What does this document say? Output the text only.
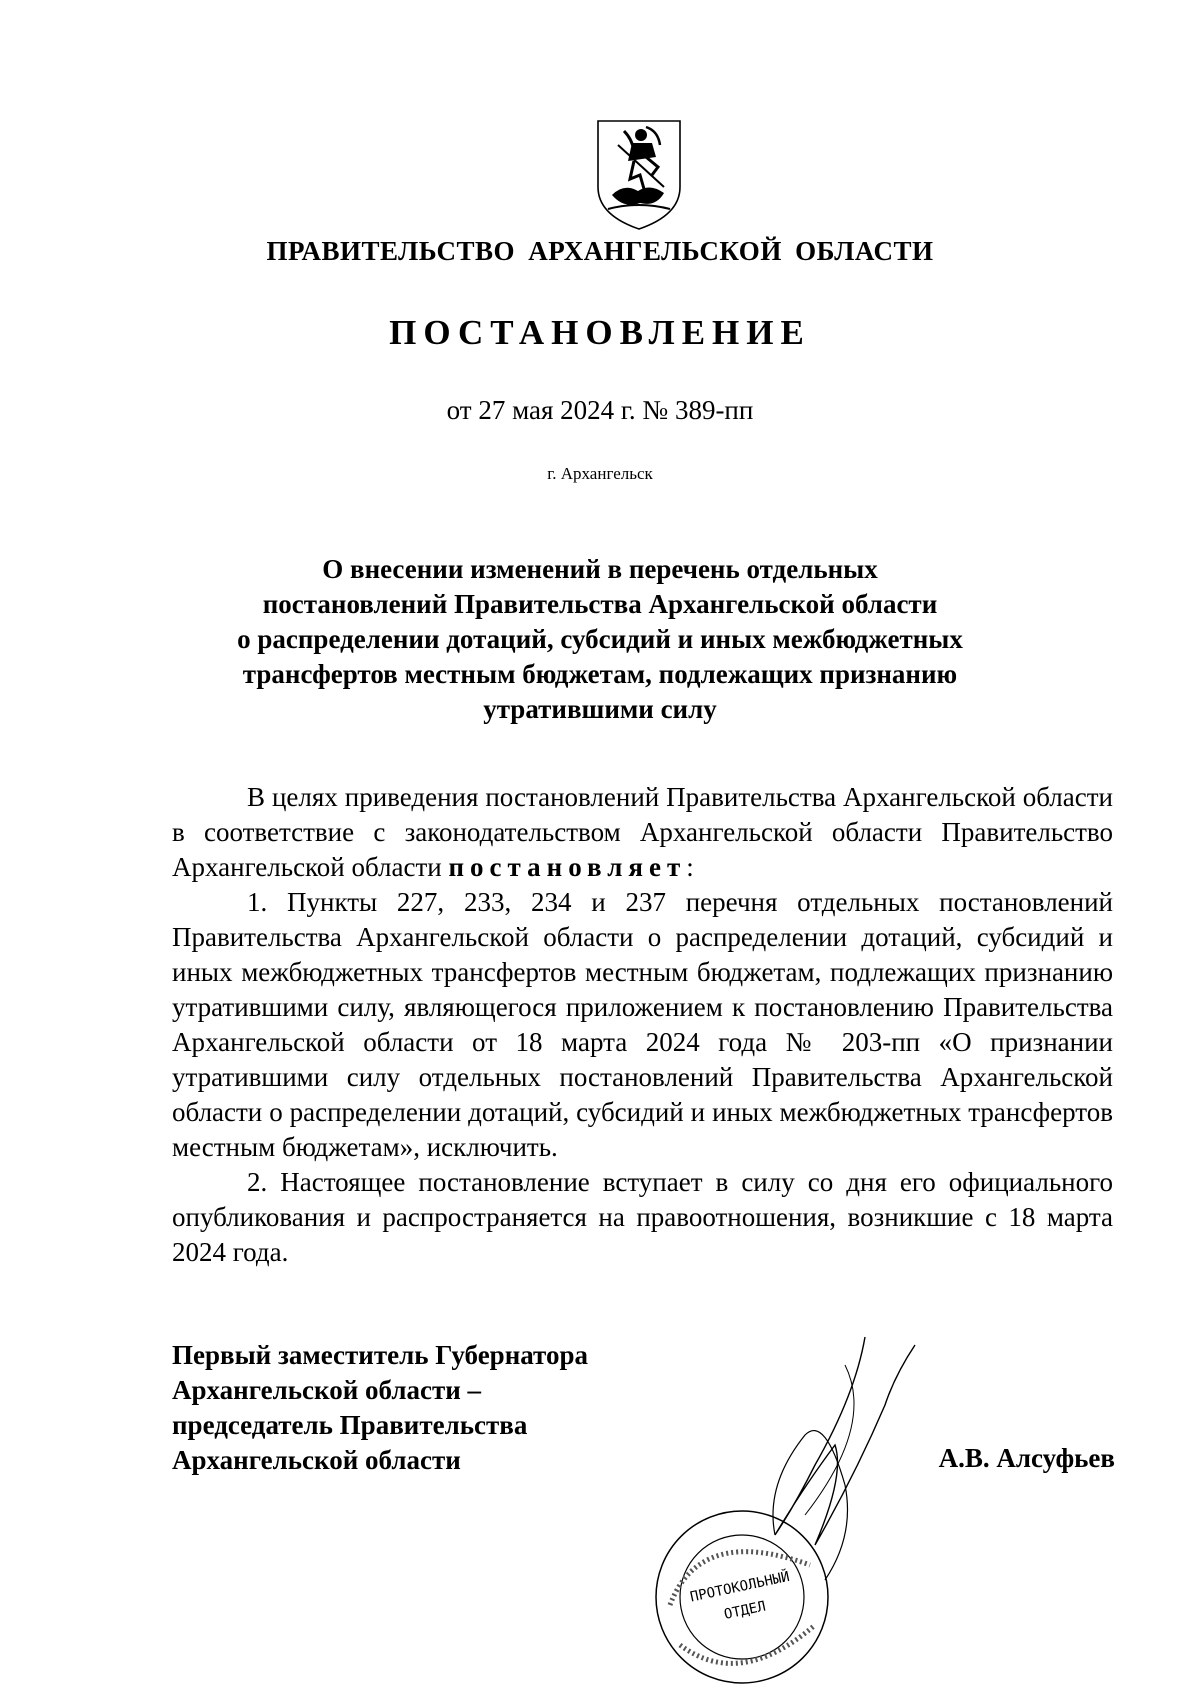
ПРАВИТЕЛЬСТВО АРХАНГЕЛЬСКОЙ ОБЛАСТИ
ПОСТАНОВЛЕНИЕ
от 27 мая 2024 г. № 389-пп
г. Архангельск
О внесении изменений в перечень отдельных
постановлений Правительства Архангельской области
о распределении дотаций, субсидий и иных межбюджетных
трансфертов местным бюджетам, подлежащих признанию
утратившими силу

В целях приведения постановлений Правительства Архангельской области в соответствие с законодательством Архангельской области Правительство Архангельской области постановляет:

1. Пункты 227, 233, 234 и 237 перечня отдельных постановлений Правительства Архангельской области о распределении дотаций, субсидий и иных межбюджетных трансфертов местным бюджетам, подлежащих признанию утратившими силу, являющегося приложением к постановлению Правительства Архангельской области от 18 марта 2024 года № 203-пп «О признании утратившими силу отдельных постановлений Правительства Архангельской области о распределении дотаций, субсидий и иных межбюджетных трансфертов местным бюджетам», исключить.

2. Настоящее постановление вступает в силу со дня его официального опубликования и распространяется на правоотношения, возникшие с 18 марта 2024 года.

Первый заместитель Губернатора
Архангельской области –
председатель Правительства
Архангельской области	А.В. Алсуфьев
ПРОТОКОЛЬНЫЙ
ОТДЕЛ
